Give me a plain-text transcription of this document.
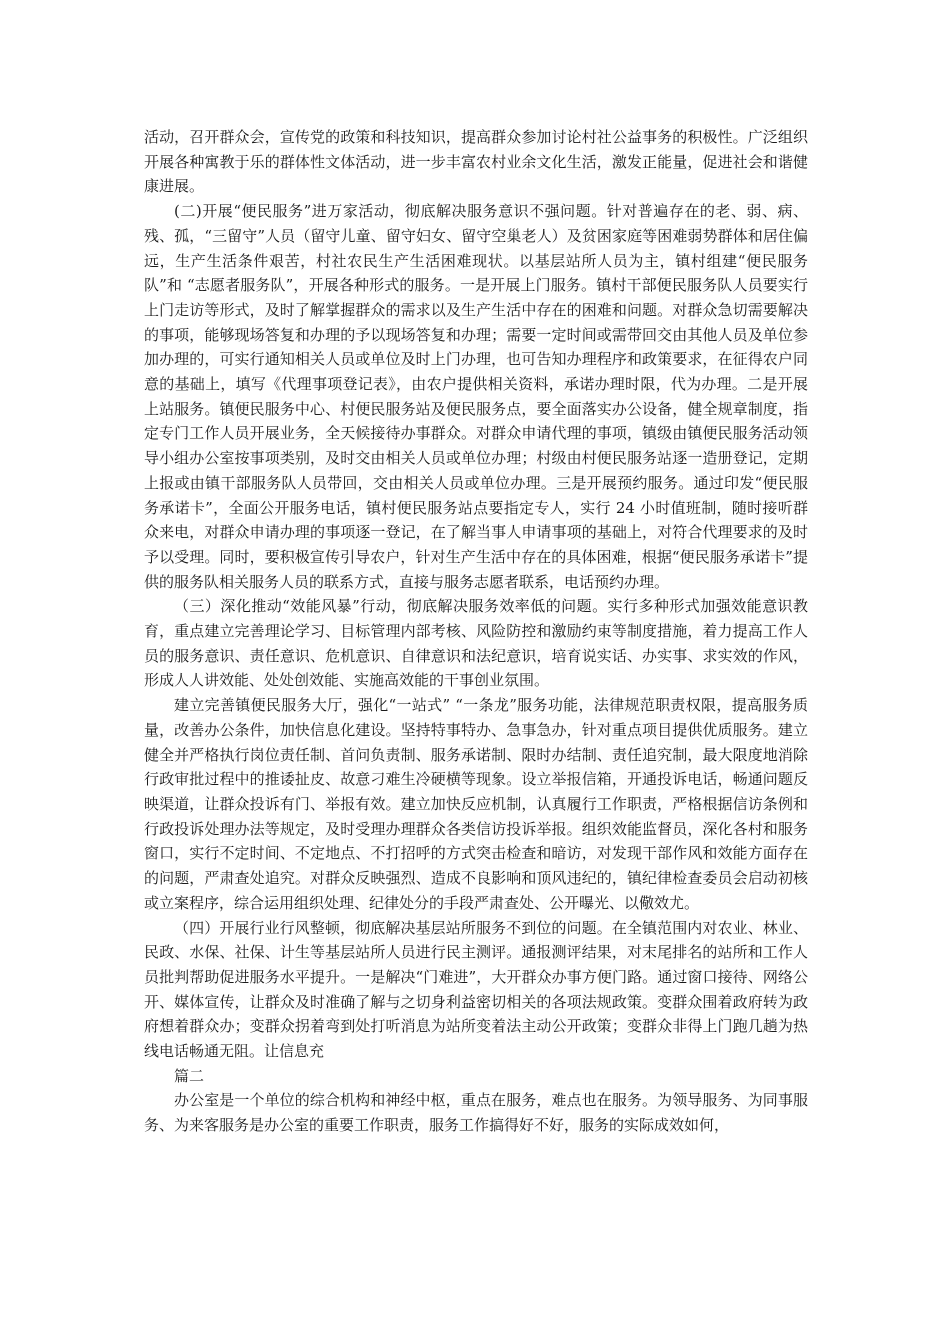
活动，召开群众会，宣传党的政策和科技知识，提高群众参加讨论村社公益事务的积极性。广泛组织开展各种寓教于乐的群体性文体活动，进一步丰富农村业余文化生活，激发正能量，促进社会和谐健康进展。

(二)开展“便民服务”进万家活动，彻底解决服务意识不强问题。针对普遍存在的老、弱、病、残、孤，“三留守”人员（留守儿童、留守妇女、留守空巢老人）及贫困家庭等困难弱势群体和居住偏远，生产生活条件艰苦，村社农民生产生活困难现状。以基层站所人员为主，镇村组建“便民服务队”和 “志愿者服务队”，开展各种形式的服务。一是开展上门服务。镇村干部便民服务队人员要实行上门走访等形式，及时了解掌握群众的需求以及生产生活中存在的困难和问题。对群众急切需要解决的事项，能够现场答复和办理的予以现场答复和办理；需要一定时间或需带回交由其他人员及单位参加办理的，可实行通知相关人员或单位及时上门办理，也可告知办理程序和政策要求，在征得农户同意的基础上，填写《代理事项登记表》，由农户提供相关资料，承诺办理时限，代为办理。二是开展上站服务。镇便民服务中心、村便民服务站及便民服务点，要全面落实办公设备，健全规章制度，指定专门工作人员开展业务，全天候接待办事群众。对群众申请代理的事项，镇级由镇便民服务活动领导小组办公室按事项类别，及时交由相关人员或单位办理；村级由村便民服务站逐一造册登记，定期上报或由镇干部服务队人员带回，交由相关人员或单位办理。三是开展预约服务。通过印发“便民服务承诺卡”，全面公开服务电话，镇村便民服务站点要指定专人，实行 24 小时值班制，随时接听群众来电，对群众申请办理的事项逐一登记，在了解当事人申请事项的基础上，对符合代理要求的及时予以受理。同时，要积极宣传引导农户，针对生产生活中存在的具体困难，根据“便民服务承诺卡”提供的服务队相关服务人员的联系方式，直接与服务志愿者联系，电话预约办理。

（三）深化推动“效能风暴”行动，彻底解决服务效率低的问题。实行多种形式加强效能意识教育，重点建立完善理论学习、目标管理内部考核、风险防控和激励约束等制度措施，着力提高工作人员的服务意识、责任意识、危机意识、自律意识和法纪意识，培育说实话、办实事、求实效的作风，形成人人讲效能、处处创效能、实施高效能的干事创业氛围。

建立完善镇便民服务大厅，强化“一站式” “一条龙”服务功能，法律规范职责权限，提高服务质量，改善办公条件，加快信息化建设。坚持特事特办、急事急办，针对重点项目提供优质服务。建立健全并严格执行岗位责任制、首问负责制、服务承诺制、限时办结制、责任追究制，最大限度地消除行政审批过程中的推诿扯皮、故意刁难生冷硬横等现象。设立举报信箱，开通投诉电话，畅通问题反映渠道，让群众投诉有门、举报有效。建立加快反应机制，认真履行工作职责，严格根据信访条例和行政投诉处理办法等规定，及时受理办理群众各类信访投诉举报。组织效能监督员，深化各村和服务窗口，实行不定时间、不定地点、不打招呼的方式突击检查和暗访，对发现干部作风和效能方面存在的问题，严肃查处追究。对群众反映强烈、造成不良影响和顶风违纪的，镇纪律检查委员会启动初核或立案程序，综合运用组织处理、纪律处分的手段严肃查处、公开曝光、以儆效尤。

（四）开展行业行风整顿，彻底解决基层站所服务不到位的问题。在全镇范围内对农业、林业、民政、水保、社保、计生等基层站所人员进行民主测评。通报测评结果，对末尾排名的站所和工作人员批判帮助促进服务水平提升。一是解决“门难进”，大开群众办事方便门路。通过窗口接待、网络公开、媒体宣传，让群众及时准确了解与之切身利益密切相关的各项法规政策。变群众围着政府转为政府想着群众办；变群众拐着弯到处打听消息为站所变着法主动公开政策；变群众非得上门跑几趟为热线电话畅通无阻。让信息充

篇二

办公室是一个单位的综合机构和神经中枢，重点在服务，难点也在服务。为领导服务、为同事服务、为来客服务是办公室的重要工作职责，服务工作搞得好不好，服务的实际成效如何，
